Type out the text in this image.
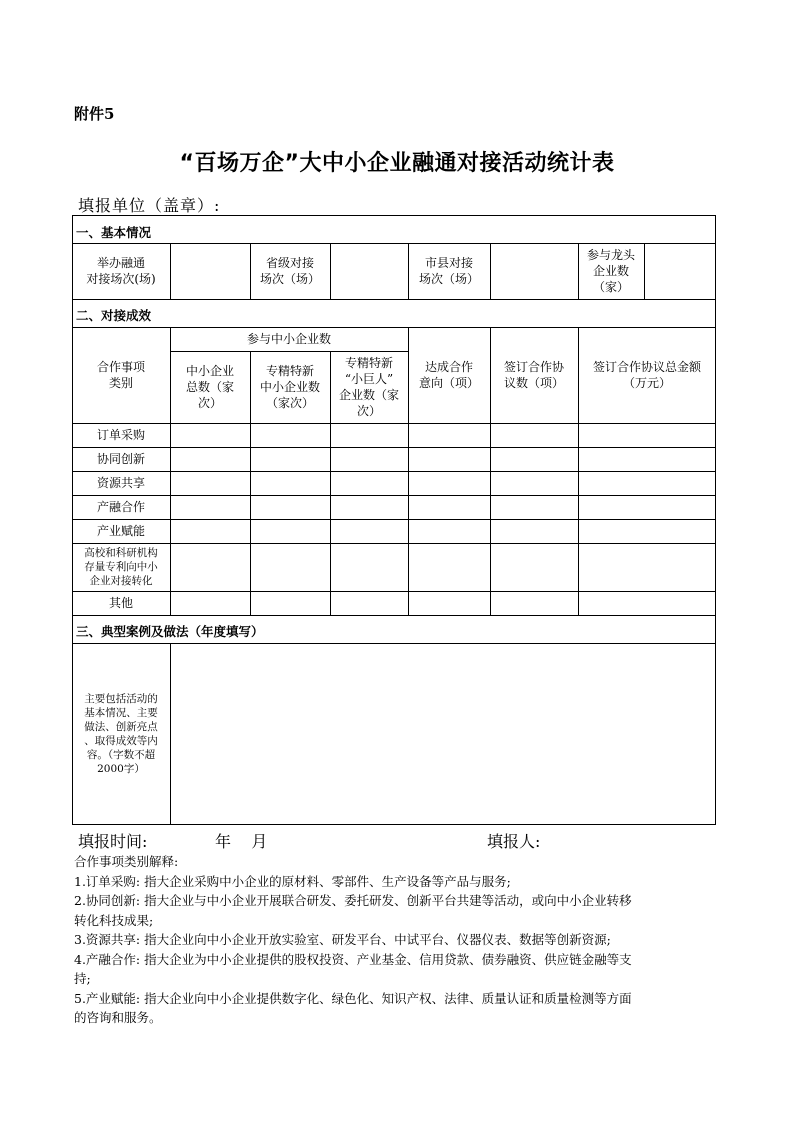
附件5
“百场万企”大中小企业融通对接活动统计表
填报单位（盖章）:
一、基本情况
二、对接成效
三、典型案例及做法（年度填写）
举办融通
对接场次(场)
省级对接
场次（场）
市县对接
场次（场）
参与龙头
企业数
（家）
参与中小企业数
合作事项
类别
中小企业
总数（家
次）
专精特新
中小企业数
（家次）
专精特新
“小巨人”
企业数（家
次）
达成合作
意向（项）
签订合作协
议数（项）
签订合作协议总金额
（万元）
订单采购
协同创新
资源共享
产融合作
产业赋能
高校和科研机构
存量专利向中小
企业对接转化
其他
主要包括活动的
基本情况、主要
做法、创新亮点
、取得成效等内
容。（字数不超
2000字）
填报时间:	年    月	填报人:
合作事项类别解释:
1.订单采购: 指大企业采购中小企业的原材料、零部件、生产设备等产品与服务;
2.协同创新: 指大企业与中小企业开展联合研发、委托研发、创新平台共建等活动，或向中小企业转移
转化科技成果;
3.资源共享: 指大企业向中小企业开放实验室、研发平台、中试平台、仪器仪表、数据等创新资源;
4.产融合作: 指大企业为中小企业提供的股权投资、产业基金、信用贷款、债券融资、供应链金融等支
持;
5.产业赋能: 指大企业向中小企业提供数字化、绿色化、知识产权、法律、质量认证和质量检测等方面
的咨询和服务。
